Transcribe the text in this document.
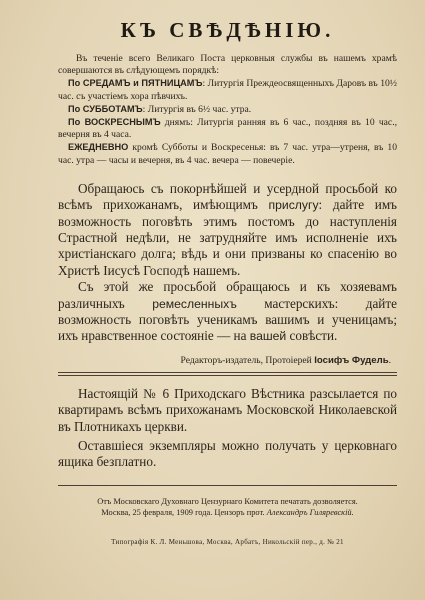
КЪ СВѢДѢНІЮ.

Въ теченіе всего Великаго Поста церковныя службы въ нашемъ храмѣ совершаются въ слѣдующемъ порядкѣ:

По СРЕДАМЪ и ПЯТНИЦАМЪ: Литургія Преждеосвященныхъ Даровъ въ 10½ час. съ участіемъ хора пѣвчихъ.

По СУББОТАМЪ: Литургія въ 6½ час. утра.

По ВОСКРЕСНЫМЪ днямъ: Литургія ранняя въ 6 час., поздняя въ 10 час., вечерня въ 4 часа.

ЕЖЕДНЕВНО кромѣ Субботы и Воскресенья: въ 7 час. утра—утреня, въ 10 час. утра — часы и вечерня, въ 4 час. вечера — повечеріе.

Обращаюсь съ покорнѣйшей и усердной просьбой ко всѣмъ прихожанамъ, имѣющимъ прислугу: дайте имъ возможность поговѣть этимъ постомъ до наступленія Страстной недѣли, не затрудняйте имъ исполненіе ихъ христіанскаго долга; вѣдь и они призваны ко спасенію во Христѣ Іисусѣ Господѣ нашемъ.

Съ этой же просьбой обращаюсь и къ хозяевамъ различныхъ ремесленныхъ мастерскихъ: дайте возможность поговѣть ученикамъ вашимъ и ученицамъ; ихъ нравственное состояніе — на вашей совѣсти.

Редакторъ-издатель, Протоіерей Іосифъ Фудель.

Настоящій № 6 Приходскаго Вѣстника разсылается по квартирамъ всѣмъ прихожанамъ Московской Николаевской въ Плотникахъ церкви.

Оставшіеся экземпляры можно получать у церковнаго ящика безплатно.

Отъ Московскаго Духовнаго Цензурнаго Комитета печатать дозволяется.
Москва, 25 февраля, 1909 года. Цензоръ прот. Александръ Гиляревскій.
Типографія К. Л. Меньшова, Москва, Арбатъ, Никольскій пер., д. № 21
